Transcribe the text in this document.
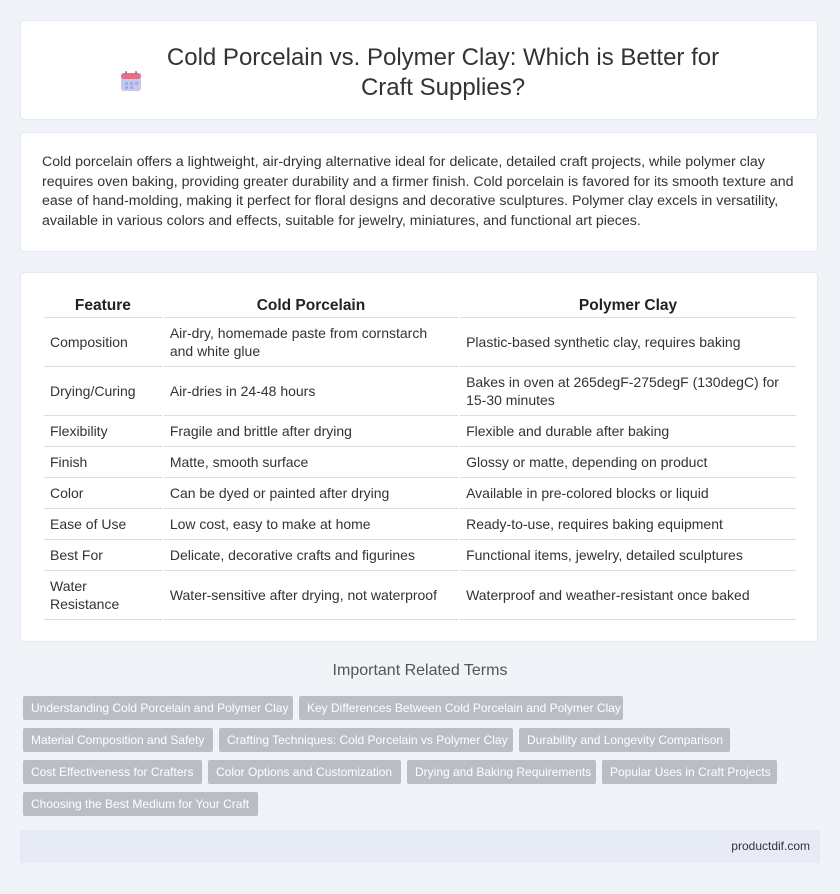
Cold Porcelain vs. Polymer Clay: Which is Better for Craft Supplies?
Cold porcelain offers a lightweight, air-drying alternative ideal for delicate, detailed craft projects, while polymer clay requires oven baking, providing greater durability and a firmer finish. Cold porcelain is favored for its smooth texture and ease of hand-molding, making it perfect for floral designs and decorative sculptures. Polymer clay excels in versatility, available in various colors and effects, suitable for jewelry, miniatures, and functional art pieces.
Feature	Cold Porcelain	Polymer Clay
Composition	Air-dry, homemade paste from cornstarch and white glue	Plastic-based synthetic clay, requires baking
Drying/Curing	Air-dries in 24-48 hours	Bakes in oven at 265degF-275degF (130degC) for 15-30 minutes
Flexibility	Fragile and brittle after drying	Flexible and durable after baking
Finish	Matte, smooth surface	Glossy or matte, depending on product
Color	Can be dyed or painted after drying	Available in pre-colored blocks or liquid
Ease of Use	Low cost, easy to make at home	Ready-to-use, requires baking equipment
Best For	Delicate, decorative crafts and figurines	Functional items, jewelry, detailed sculptures
Water Resistance	Water-sensitive after drying, not waterproof	Waterproof and weather-resistant once baked
Important Related Terms
Understanding Cold Porcelain and Polymer Clay	Key Differences Between Cold Porcelain and Polymer Clay
Material Composition and Safety	Crafting Techniques: Cold Porcelain vs Polymer Clay	Durability and Longevity Comparison
Cost Effectiveness for Crafters	Color Options and Customization	Drying and Baking Requirements	Popular Uses in Craft Projects
Choosing the Best Medium for Your Craft
productdif.com
